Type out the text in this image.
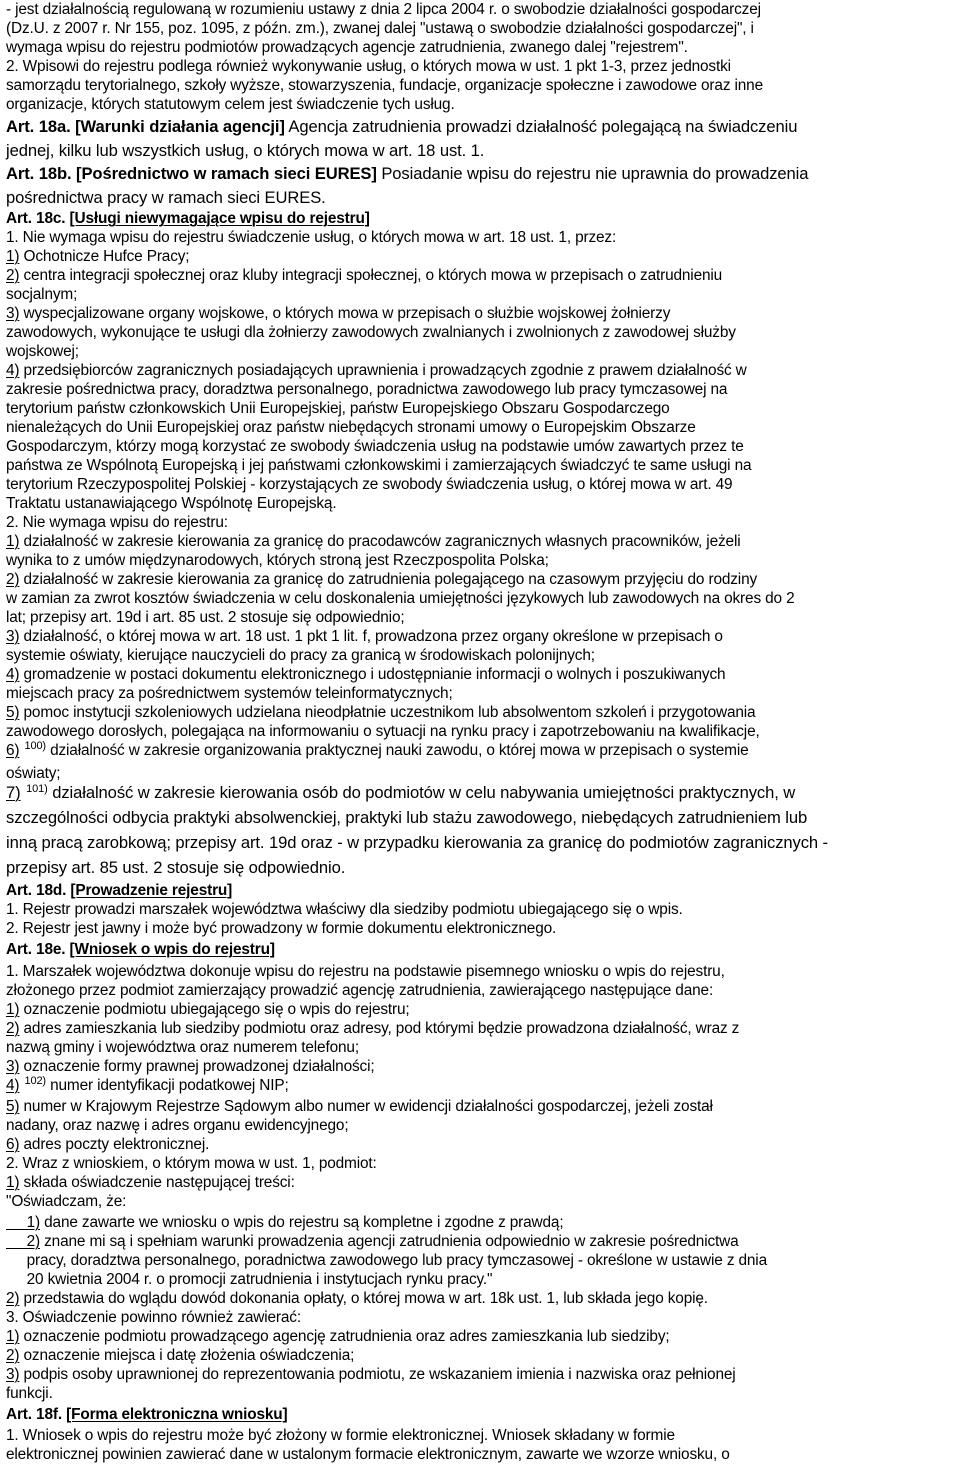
- jest działalnością regulowaną w rozumieniu ustawy z dnia 2 lipca 2004 r. o swobodzie działalności gospodarczej
(Dz.U. z 2007 r. Nr 155, poz. 1095, z późn. zm.), zwanej dalej "ustawą o swobodzie działalności gospodarczej", i
wymaga wpisu do rejestru podmiotów prowadzących agencje zatrudnienia, zwanego dalej "rejestrem".
2. Wpisowi do rejestru podlega również wykonywanie usług, o których mowa w ust. 1 pkt 1-3, przez jednostki
samorządu terytorialnego, szkoły wyższe, stowarzyszenia, fundacje, organizacje społeczne i zawodowe oraz inne
organizacje, których statutowym celem jest świadczenie tych usług.
Art. 18a. [Warunki działania agencji] Agencja zatrudnienia prowadzi działalność polegającą na świadczeniu
jednej, kilku lub wszystkich usług, o których mowa w art. 18 ust. 1.
Art. 18b. [Pośrednictwo w ramach sieci EURES] Posiadanie wpisu do rejestru nie uprawnia do prowadzenia
pośrednictwa pracy w ramach sieci EURES.
Art. 18c. [Usługi niewymagające wpisu do rejestru]
1. Nie wymaga wpisu do rejestru świadczenie usług, o których mowa w art. 18 ust. 1, przez:
1) Ochotnicze Hufce Pracy;
2) centra integracji społecznej oraz kluby integracji społecznej, o których mowa w przepisach o zatrudnieniu
socjalnym;
3) wyspecjalizowane organy wojskowe, o których mowa w przepisach o służbie wojskowej żołnierzy
zawodowych, wykonujące te usługi dla żołnierzy zawodowych zwalnianych i zwolnionych z zawodowej służby
wojskowej;
4) przedsiębiorców zagranicznych posiadających uprawnienia i prowadzących zgodnie z prawem działalność w
zakresie pośrednictwa pracy, doradztwa personalnego, poradnictwa zawodowego lub pracy tymczasowej na
terytorium państw członkowskich Unii Europejskiej, państw Europejskiego Obszaru Gospodarczego
nienależących do Unii Europejskiej oraz państw niebędących stronami umowy o Europejskim Obszarze
Gospodarczym, którzy mogą korzystać ze swobody świadczenia usług na podstawie umów zawartych przez te
państwa ze Wspólnotą Europejską i jej państwami członkowskimi i zamierzających świadczyć te same usługi na
terytorium Rzeczypospolitej Polskiej - korzystających ze swobody świadczenia usług, o której mowa w art. 49
Traktatu ustanawiającego Wspólnotę Europejską.
2. Nie wymaga wpisu do rejestru:
1) działalność w zakresie kierowania za granicę do pracodawców zagranicznych własnych pracowników, jeżeli
wynika to z umów międzynarodowych, których stroną jest Rzeczpospolita Polska;
2) działalność w zakresie kierowania za granicę do zatrudnienia polegającego na czasowym przyjęciu do rodziny
w zamian za zwrot kosztów świadczenia w celu doskonalenia umiejętności językowych lub zawodowych na okres do 2
lat; przepisy art. 19d i art. 85 ust. 2 stosuje się odpowiednio;
3) działalność, o której mowa w art. 18 ust. 1 pkt 1 lit. f, prowadzona przez organy określone w przepisach o
systemie oświaty, kierujące nauczycieli do pracy za granicą w środowiskach polonijnych;
4) gromadzenie w postaci dokumentu elektronicznego i udostępnianie informacji o wolnych i poszukiwanych
miejscach pracy za pośrednictwem systemów teleinformatycznych;
5) pomoc instytucji szkoleniowych udzielana nieodpłatnie uczestnikom lub absolwentom szkoleń i przygotowania
zawodowego dorosłych, polegająca na informowaniu o sytuacji na rynku pracy i zapotrzebowaniu na kwalifikacje,
6) $^{100)}$ działalność w zakresie organizowania praktycznej nauki zawodu, o której mowa w przepisach o systemie
oświaty;
7) $^{101)}$ działalność w zakresie kierowania osób do podmiotów w celu nabywania umiejętności praktycznych, w
szczególności odbycia praktyki absolwenckiej, praktyki lub stażu zawodowego, niebędących zatrudnieniem lub
inną pracą zarobkową; przepisy art. 19d oraz - w przypadku kierowania za granicę do podmiotów zagranicznych -
przepisy art. 85 ust. 2 stosuje się odpowiednio.
Art. 18d. [Prowadzenie rejestru]
1. Rejestr prowadzi marszałek województwa właściwy dla siedziby podmiotu ubiegającego się o wpis.
2. Rejestr jest jawny i może być prowadzony w formie dokumentu elektronicznego.
Art. 18e. [Wniosek o wpis do rejestru]
1. Marszałek województwa dokonuje wpisu do rejestru na podstawie pisemnego wniosku o wpis do rejestru,
złożonego przez podmiot zamierzający prowadzić agencję zatrudnienia, zawierającego następujące dane:
1) oznaczenie podmiotu ubiegającego się o wpis do rejestru;
2) adres zamieszkania lub siedziby podmiotu oraz adresy, pod którymi będzie prowadzona działalność, wraz z
nazwą gminy i województwa oraz numerem telefonu;
3) oznaczenie formy prawnej prowadzonej działalności;
4) $^{102)}$ numer identyfikacji podatkowej NIP;
5) numer w Krajowym Rejestrze Sądowym albo numer w ewidencji działalności gospodarczej, jeżeli został
nadany, oraz nazwę i adres organu ewidencyjnego;
6) adres poczty elektronicznej.
2. Wraz z wnioskiem, o którym mowa w ust. 1, podmiot:
1) składa oświadczenie następującej treści:
"Oświadczam, że:
1) dane zawarte we wniosku o wpis do rejestru są kompletne i zgodne z prawdą;
2) znane mi są i spełniam warunki prowadzenia agencji zatrudnienia odpowiednio w zakresie pośrednictwa
pracy, doradztwa personalnego, poradnictwa zawodowego lub pracy tymczasowej - określone w ustawie z dnia
20 kwietnia 2004 r. o promocji zatrudnienia i instytucjach rynku pracy."
2) przedstawia do wglądu dowód dokonania opłaty, o której mowa w art. 18k ust. 1, lub składa jego kopię.
3. Oświadczenie powinno również zawierać:
1) oznaczenie podmiotu prowadzącego agencję zatrudnienia oraz adres zamieszkania lub siedziby;
2) oznaczenie miejsca i datę złożenia oświadczenia;
3) podpis osoby uprawnionej do reprezentowania podmiotu, ze wskazaniem imienia i nazwiska oraz pełnionej
funkcji.
Art. 18f. [Forma elektroniczna wniosku]
1. Wniosek o wpis do rejestru może być złożony w formie elektronicznej. Wniosek składany w formie
elektronicznej powinien zawierać dane w ustalonym formacie elektronicznym, zawarte we wzorze wniosku, o
